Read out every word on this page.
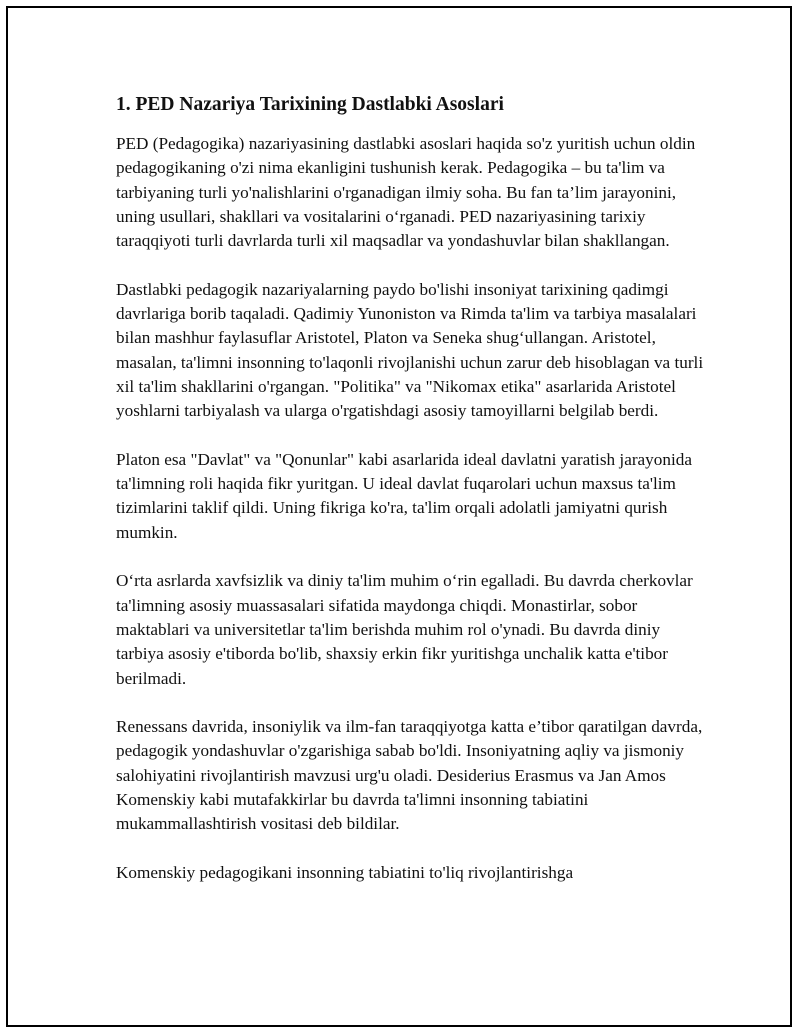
1. PED Nazariya Tarixining Dastlabki Asoslari

PED (Pedagogika) nazariyasining dastlabki asoslari haqida so'z yuritish uchun oldin pedagogikaning o'zi nima ekanligini tushunish kerak. Pedagogika – bu ta'lim va tarbiyaning turli yo'nalishlarini o'rganadigan ilmiy soha. Bu fan ta’lim jarayonini, uning usullari, shakllari va vositalarini o‘rganadi. PED nazariyasining tarixiy taraqqiyoti turli davrlarda turli xil maqsadlar va yondashuvlar bilan shakllangan.

Dastlabki pedagogik nazariyalarning paydo bo'lishi insoniyat tarixining qadimgi davrlariga borib taqaladi. Qadimiy Yunoniston va Rimda ta'lim va tarbiya masalalari bilan mashhur faylasuflar Aristotel, Platon va Seneka shug‘ullangan. Aristotel, masalan, ta'limni insonning to'laqonli rivojlanishi uchun zarur deb hisoblagan va turli xil ta'lim shakllarini o'rgangan. "Politika" va "Nikomax etika" asarlarida Aristotel yoshlarni tarbiyalash va ularga o'rgatishdagi asosiy tamoyillarni belgilab berdi.

Platon esa "Davlat" va "Qonunlar" kabi asarlarida ideal davlatni yaratish jarayonida ta'limning roli haqida fikr yuritgan. U ideal davlat fuqarolari uchun maxsus ta'lim tizimlarini taklif qildi. Uning fikriga ko'ra, ta'lim orqali adolatli jamiyatni qurish mumkin.

O‘rta asrlarda xavfsizlik va diniy ta'lim muhim o‘rin egalladi. Bu davrda cherkovlar ta'limning asosiy muassasalari sifatida maydonga chiqdi. Monastirlar, sobor maktablari va universitetlar ta'lim berishda muhim rol o'ynadi. Bu davrda diniy tarbiya asosiy e'tiborda bo'lib, shaxsiy erkin fikr yuritishga unchalik katta e'tibor berilmadi.

Renessans davrida, insoniylik va ilm-fan taraqqiyotga katta e’tibor qaratilgan davrda, pedagogik yondashuvlar o'zgarishiga sabab bo'ldi. Insoniyatning aqliy va jismoniy salohiyatini rivojlantirish mavzusi urg'u oladi. Desiderius Erasmus va Jan Amos Komenskiy kabi mutafakkirlar bu davrda ta'limni insonning tabiatini mukammallashtirish vositasi deb bildilar.

Komenskiy pedagogikani insonning tabiatini to'liq rivojlantirishga
